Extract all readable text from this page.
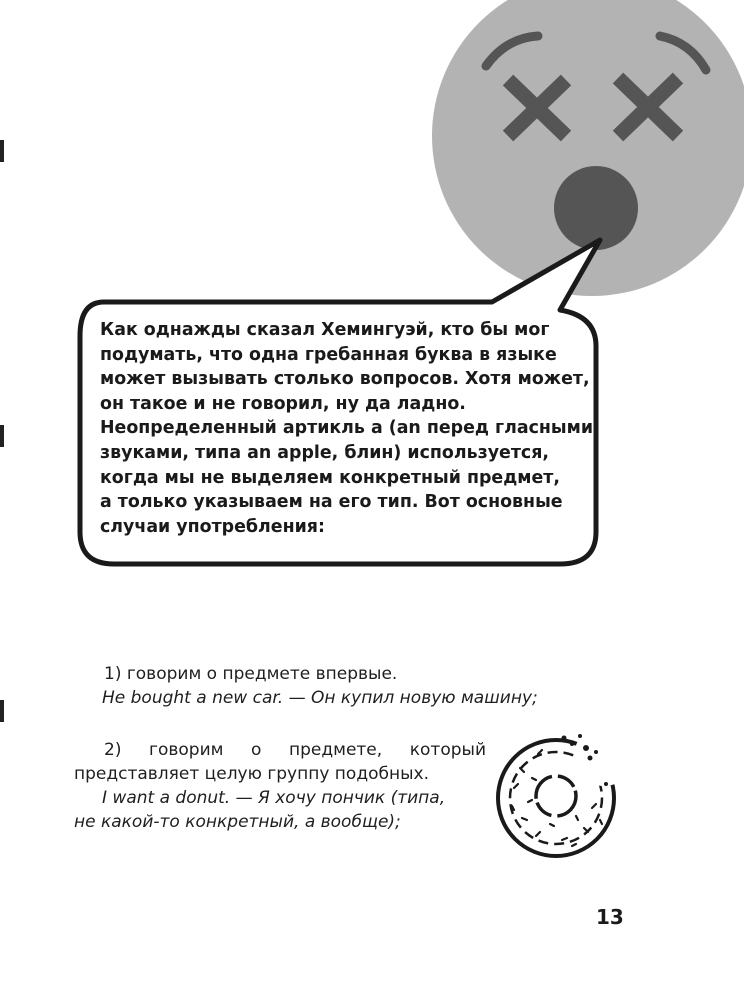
Как однажды сказал Хемингуэй, кто бы мог
подумать, что одна гребанная буква в языке
может вызывать столько вопросов. Хотя может,
он такое и не говорил, ну да ладно.
Неопределенный артикль a (an перед гласными
звуками, типа an apple, блин) используется,
когда мы не выделяем конкретный предмет,
а только указываем на его тип. Вот основные
случаи употребления:

1) говорим о предмете впервые.

He bought a new car. — Он купил новую машину;

2) говорим о предмете, который представляет целую группу подобных.

I want a donut. — Я хочу пончик (типа,

не какой-то конкретный, а вообще);

13
